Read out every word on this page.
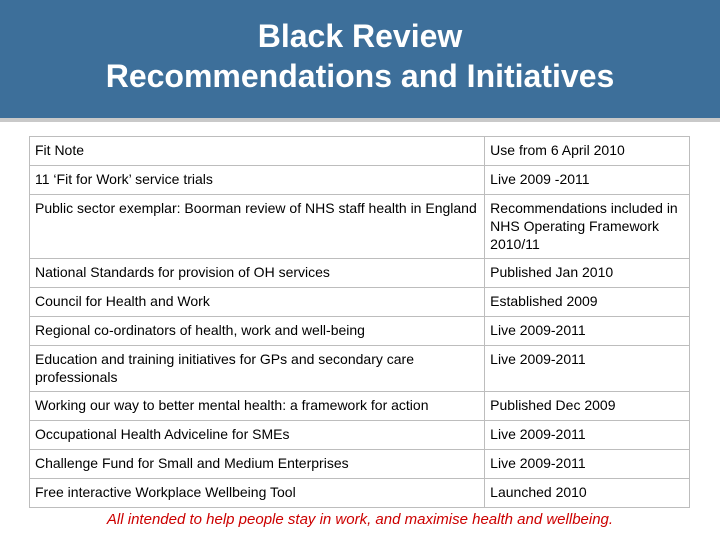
Black Review
Recommendations and Initiatives
Fit Note	Use from 6 April 2010
11 ‘Fit for Work’ service trials	Live 2009 -2011
Public sector exemplar: Boorman review of NHS staff health in England	Recommendations included in NHS Operating Framework 2010/11
National Standards for provision of OH services	Published Jan 2010
Council for Health and Work	Established 2009
Regional co-ordinators of health, work and well-being	Live 2009-2011
Education and training initiatives for GPs and secondary care professionals	Live 2009-2011
Working our way to better mental health: a framework for action	Published Dec 2009
Occupational Health Adviceline for SMEs	Live 2009-2011
Challenge Fund for Small and Medium Enterprises	Live 2009-2011
Free interactive Workplace Wellbeing Tool	Launched 2010
All intended to help people stay in work, and maximise health and wellbeing.
